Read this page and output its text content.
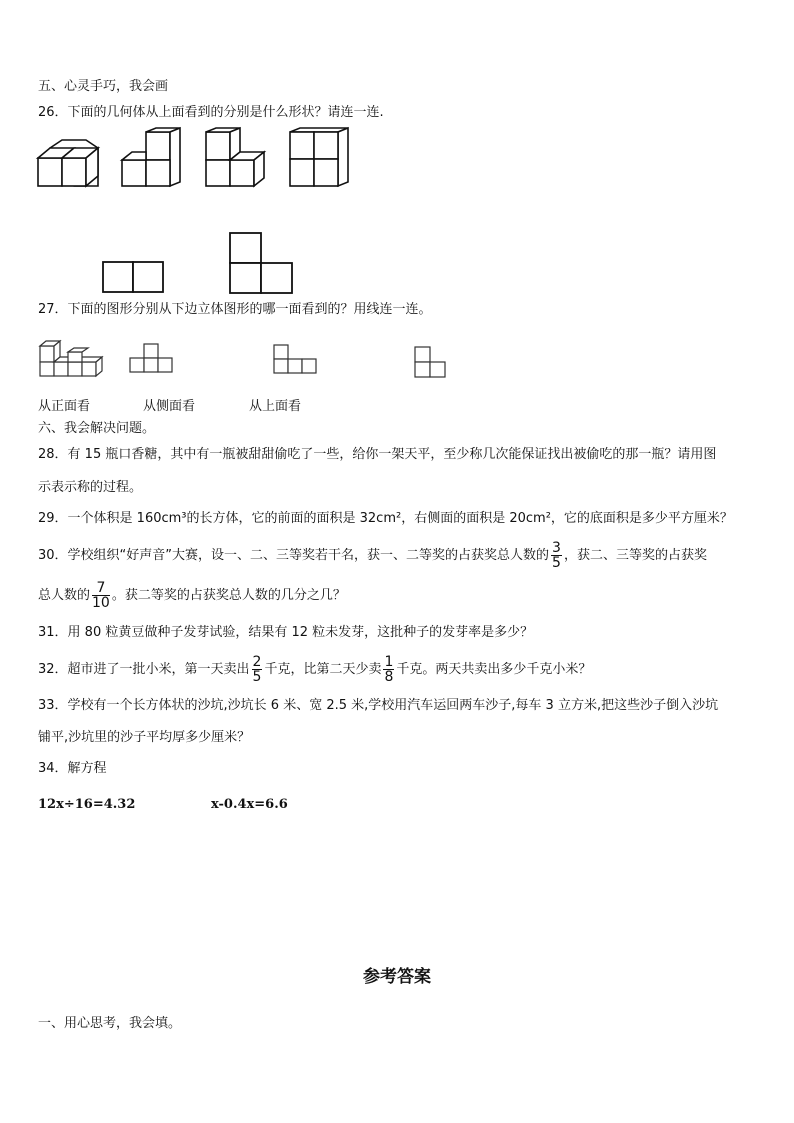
五、心灵手巧，我会画
26．下面的几何体从上面看到的分别是什么形状？请连一连.
27．下面的图形分别从下边立体图形的哪一面看到的？用线连一连。
从正面看	从侧面看	从上面看
六、我会解决问题。
28．有 15 瓶口香糖，其中有一瓶被甜甜偷吃了一些，给你一架天平，至少称几次能保证找出被偷吃的那一瓶？请用图
示表示称的过程。
29．一个体积是 160cm³的长方体，它的前面的面积是 32cm²，右侧面的面积是 20cm²，它的底面积是多少平方厘米？
30．学校组织“好声音”大赛，设一、二、三等奖若干名，获一、二等奖的占获奖总人数的 $\frac{3}{5}$ ，获二、三等奖的占获奖
总人数的 $\frac{7}{10}$ 。获二等奖的占获奖总人数的几分之几？
31．用 80 粒黄豆做种子发芽试验，结果有 12 粒未发芽，这批种子的发芽率是多少？
32．超市进了一批小米，第一天卖出 $\frac{2}{5}$ 千克，比第二天少卖 $\frac{1}{8}$ 千克。两天共卖出多少千克小米？
33．学校有一个长方体状的沙坑,沙坑长 6 米、宽 2.5 米,学校用汽车运回两车沙子,每车 3 立方米,把这些沙子倒入沙坑
铺平,沙坑里的沙子平均厚多少厘米？
34．解方程
12x÷16=4.32	x-0.4x=6.6
参考答案
一、用心思考，我会填。
